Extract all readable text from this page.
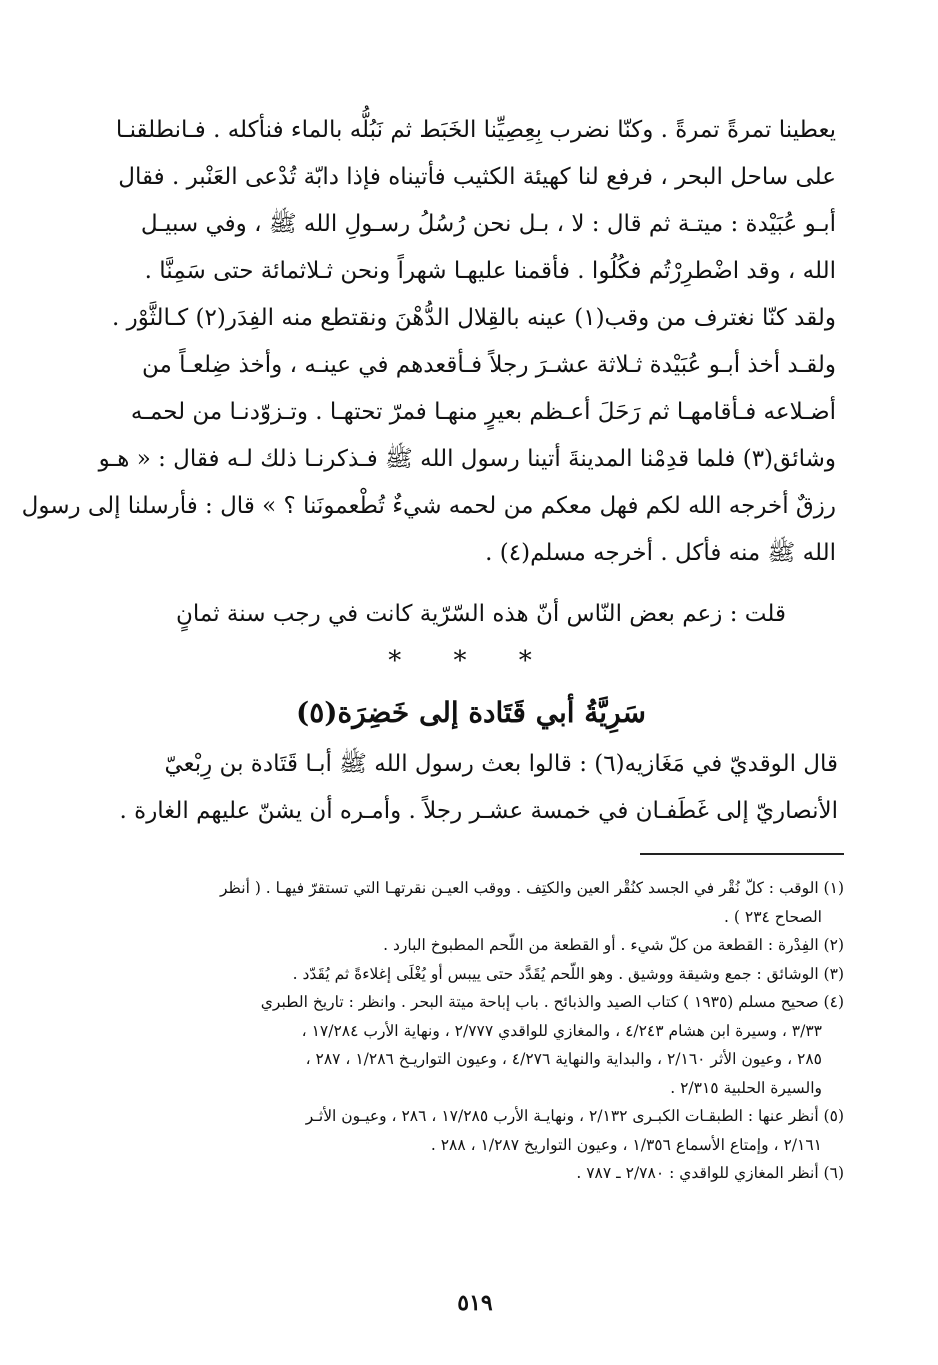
يعطينا تمرةً تمرةً . وكنّا نضرب بِعِصِيِّنا الخَبَط ثم نَبُلُّه بالماء فنأكله . فـانطلقنـا
على ساحل البحر ، فرفع لنا كهيئة الكثيب فأتيناه فإذا دابّة تُدْعى العَنْبر . فقال
أبـو عُبَيْدة : ميتـة ثم قال : لا ، بـل نحن رُسُلُ رسـولِ الله ﷺ ، وفي سبيـل
الله ، وقد اضْطرِرْتُم فكُلُوا . فأقمنا عليهـا شهراً ونحن ثـلاثمائة حتى سَمِنَّا .
ولقد كنّا نغترف من وقب(١) عينه بالقِلال الدُّهْنَ ونقتطع منه الفِدَر(٢) كـالثَّوْر .
ولقـد أخذ أبـو عُبَيْدة ثـلاثة عشـرَ رجلاً فـأقعدهم في عينـه ، وأخذ ضِلعـاً من
أضـلاعه فـأقامهـا ثم رَحَلَ أعـظم بعيرٍ منهـا فمرّ تحتهـا . وتـزوّدنـا من لحمـه
وشائق(٣) فلما قدِمْنا المدينةَ أتينا رسول الله ﷺ فـذكرنـا ذلك لـه فقال : « هـو
رزقٌ أخرجه الله لكم فهل معكم من لحمه شيءٌ تُطْعمونَنا ؟ » قال : فأرسلنا إلى رسول
الله ﷺ منه فأكل . أخرجه مسلم(٤) .
قلت : زعم بعض النّاس أنّ هذه السّرّية كانت في رجب سنة ثمانٍ
* * *
سَرِيَّةُ أبي قَتَادة إلى خَضِرَة(٥)
قال الوقديّ في مَغَازيه(٦) : قالوا بعث رسول الله ﷺ أبـا قَتَادة بن رِبْعيّ
الأنصاريّ إلى غَطَفـان في خمسة عشـر رجلاً . وأمـره أن يشنّ عليهم الغارة .
(١) الوقب : كلّ نُقْر في الجسد كنُقْر العين والكتِف . ووقب العيـن نقرتهـا التي تستقرّ فيهـا . ( أنظر
الصحاح ٢٣٤ ) .
(٢) الفِدْرة : القطعة من كلّ شيء . أو القطعة من اللّحم المطبوخ البارد .
(٣) الوشائق : جمع وشيقة ووشيق . وهو اللّحم يُقَدَّد حتى ييبس أو يُغْلَى إغلاءةً ثم يُقَدّد .
(٤) صحيح مسلم (١٩٣٥ ) كتاب الصيد والذبائح . باب إباحة ميتة البحر . وانظر : تاريخ الطبري
٣/٣٣ ، وسيرة ابن هشام ٤/٢٤٣ ، والمغازي للواقدي ٢/٧٧٧ ، ونهاية الأرب ١٧/٢٨٤ ،
٢٨٥ ، وعيون الأثر ٢/١٦٠ ، والبداية والنهاية ٤/٢٧٦ ، وعيون التواريـخ ١/٢٨٦ ، ٢٨٧ ،
والسيرة الحلبية ٢/٣١٥ .
(٥) أنظر عنها : الطبقـات الكبـرى ٢/١٣٢ ، ونهايـة الأرب ١٧/٢٨٥ ، ٢٨٦ ، وعيـون الأثـر
٢/١٦١ ، وإمتاع الأسماع ١/٣٥٦ ، وعيون التواريخ ١/٢٨٧ ، ٢٨٨ .
(٦) أنظر المغازي للواقدي : ٢/٧٨٠ ـ ٧٨٧ .
٥١٩
